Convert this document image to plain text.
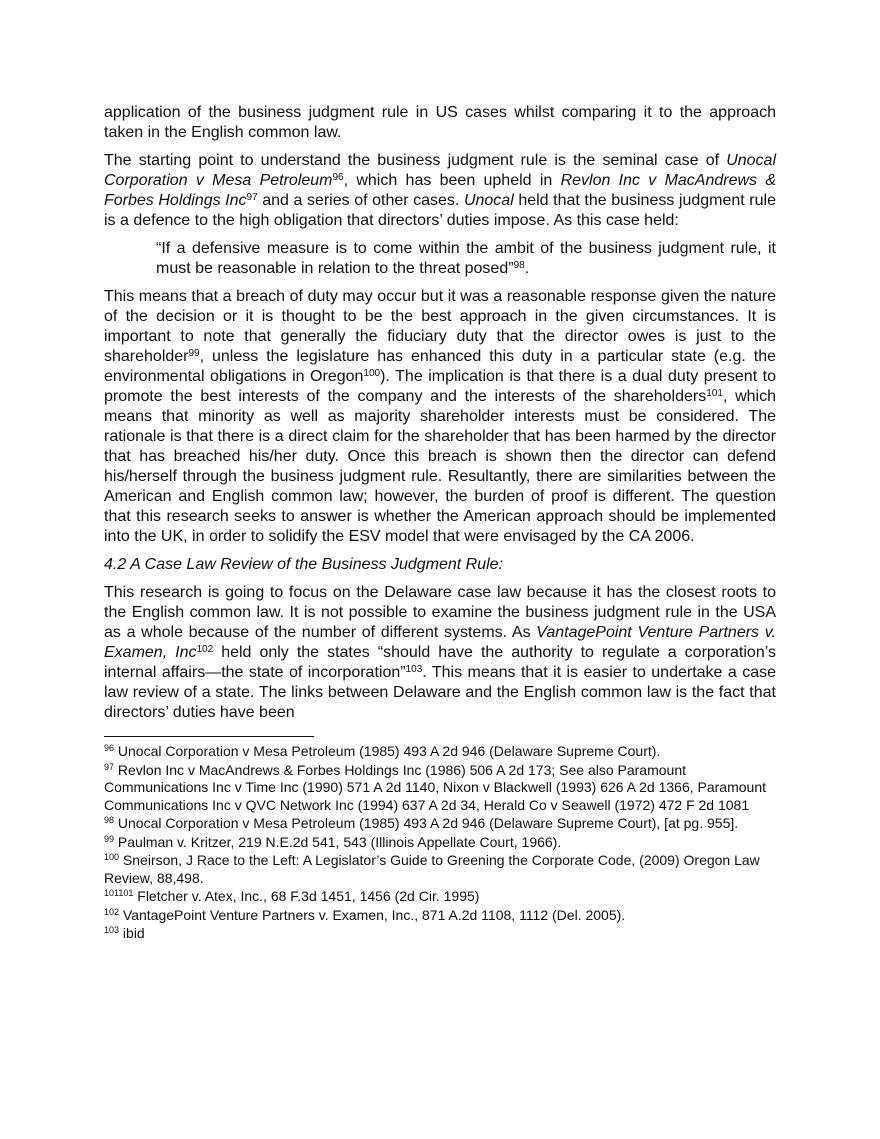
application of the business judgment rule in US cases whilst comparing it to the approach taken in the English common law.

The starting point to understand the business judgment rule is the seminal case of Unocal Corporation v Mesa Petroleum$^{96}$, which has been upheld in Revlon Inc v MacAndrews & Forbes Holdings Inc$^{97}$ and a series of other cases. Unocal held that the business judgment rule is a defence to the high obligation that directors’ duties impose. As this case held:

“If a defensive measure is to come within the ambit of the business judgment rule, it must be reasonable in relation to the threat posed”$^{98}$.

This means that a breach of duty may occur but it was a reasonable response given the nature of the decision or it is thought to be the best approach in the given circumstances. It is important to note that generally the fiduciary duty that the director owes is just to the shareholder$^{99}$, unless the legislature has enhanced this duty in a particular state (e.g. the environmental obligations in Oregon$^{100}$). The implication is that there is a dual duty present to promote the best interests of the company and the interests of the shareholders$^{101}$, which means that minority as well as majority shareholder interests must be considered. The rationale is that there is a direct claim for the shareholder that has been harmed by the director that has breached his/her duty. Once this breach is shown then the director can defend his/herself through the business judgment rule. Resultantly, there are similarities between the American and English common law; however, the burden of proof is different. The question that this research seeks to answer is whether the American approach should be implemented into the UK, in order to solidify the ESV model that were envisaged by the CA 2006.

4.2 A Case Law Review of the Business Judgment Rule:

This research is going to focus on the Delaware case law because it has the closest roots to the English common law. It is not possible to examine the business judgment rule in the USA as a whole because of the number of different systems. As VantagePoint Venture Partners v. Examen, Inc$^{102}$ held only the states “should have the authority to regulate a corporation’s internal affairs—the state of incorporation”$^{103}$. This means that it is easier to undertake a case law review of a state. The links between Delaware and the English common law is the fact that directors’ duties have been

$^{96}$ Unocal Corporation v Mesa Petroleum (1985) 493 A 2d 946 (Delaware Supreme Court).

$^{97}$ Revlon Inc v MacAndrews & Forbes Holdings Inc (1986) 506 A 2d 173; See also Paramount Communications Inc v Time Inc (1990) 571 A 2d 1140, Nixon v Blackwell (1993) 626 A 2d 1366, Paramount Communications Inc v QVC Network Inc (1994) 637 A 2d 34, Herald Co v Seawell (1972) 472 F 2d 1081

$^{98}$ Unocal Corporation v Mesa Petroleum (1985) 493 A 2d 946 (Delaware Supreme Court), [at pg. 955].

$^{99}$ Paulman v. Kritzer, 219 N.E.2d 541, 543 (Illinois Appellate Court, 1966).

$^{100}$ Sneirson, J Race to the Left: A Legislator’s Guide to Greening the Corporate Code, (2009) Oregon Law Review, 88,498.

$^{101101}$ Fletcher v. Atex, Inc., 68 F.3d 1451, 1456 (2d Cir. 1995)

$^{102}$ VantagePoint Venture Partners v. Examen, Inc., 871 A.2d 1108, 1112 (Del. 2005).

$^{103}$ ibid
